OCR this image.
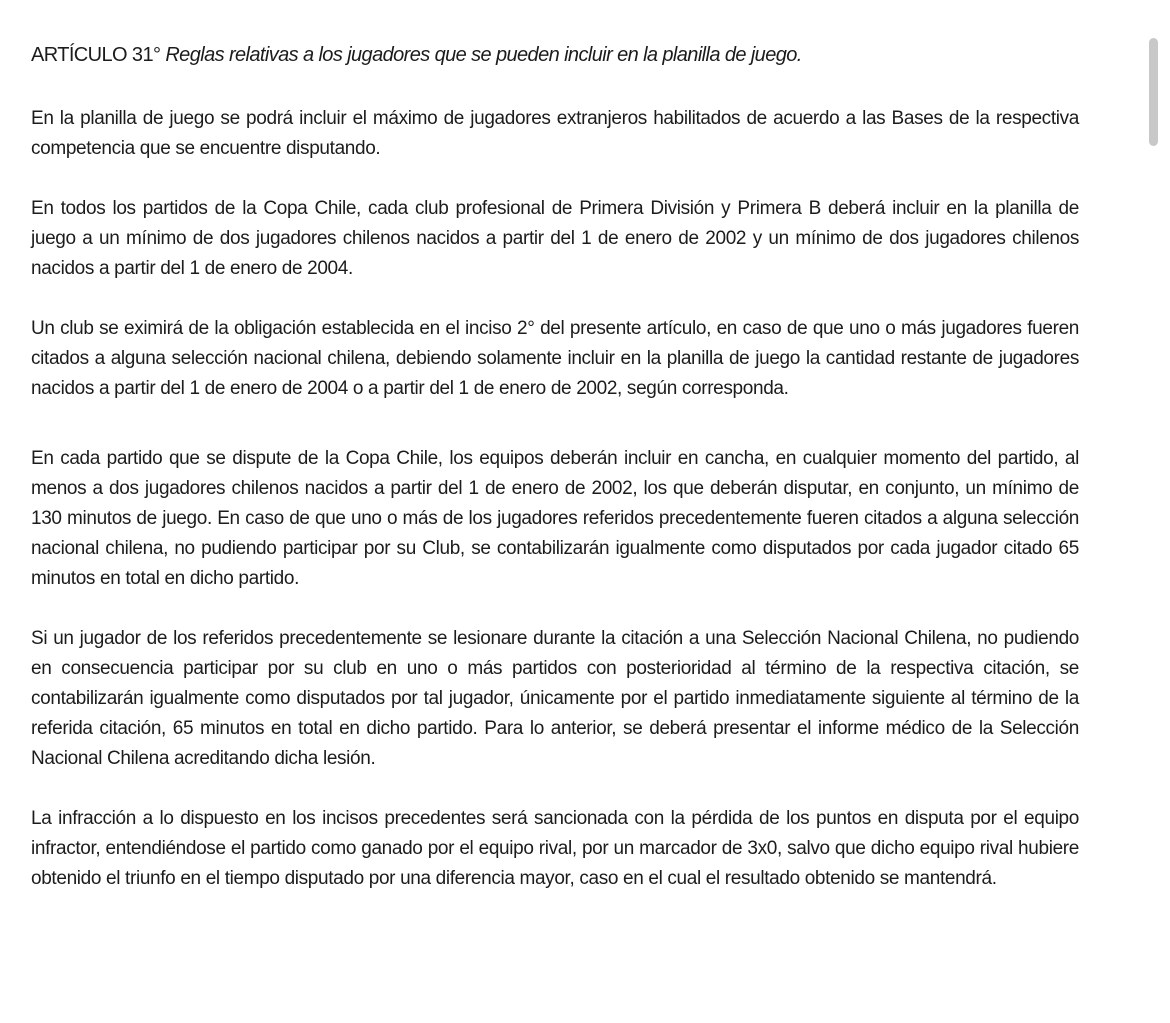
ARTÍCULO 31° Reglas relativas a los jugadores que se pueden incluir en la planilla de juego.

En la planilla de juego se podrá incluir el máximo de jugadores extranjeros habilitados de acuerdo a las Bases de la respectiva competencia que se encuentre disputando.

En todos los partidos de la Copa Chile, cada club profesional de Primera División y Primera B deberá incluir en la planilla de juego a un mínimo de dos jugadores chilenos nacidos a partir del 1 de enero de 2002 y un mínimo de dos jugadores chilenos nacidos a partir del 1 de enero de 2004.

Un club se eximirá de la obligación establecida en el inciso 2° del presente artículo, en caso de que uno o más jugadores fueren citados a alguna selección nacional chilena, debiendo solamente incluir en la planilla de juego la cantidad restante de jugadores nacidos a partir del 1 de enero de 2004 o a partir del 1 de enero de 2002, según corresponda.

En cada partido que se dispute de la Copa Chile, los equipos deberán incluir en cancha, en cualquier momento del partido, al menos a dos jugadores chilenos nacidos a partir del 1 de enero de 2002, los que deberán disputar, en conjunto, un mínimo de 130 minutos de juego. En caso de que uno o más de los jugadores referidos precedentemente fueren citados a alguna selección nacional chilena, no pudiendo participar por su Club, se contabilizarán igualmente como disputados por cada jugador citado 65 minutos en total en dicho partido.

Si un jugador de los referidos precedentemente se lesionare durante la citación a una Selección Nacional Chilena, no pudiendo en consecuencia participar por su club en uno o más partidos con posterioridad al término de la respectiva citación, se contabilizarán igualmente como disputados por tal jugador, únicamente por el partido inmediatamente siguiente al término de la referida citación, 65 minutos en total en dicho partido. Para lo anterior, se deberá presentar el informe médico de la Selección Nacional Chilena acreditando dicha lesión.

La infracción a lo dispuesto en los incisos precedentes será sancionada con la pérdida de los puntos en disputa por el equipo infractor, entendiéndose el partido como ganado por el equipo rival, por un marcador de 3x0, salvo que dicho equipo rival hubiere obtenido el triunfo en el tiempo disputado por una diferencia mayor, caso en el cual el resultado obtenido se mantendrá.
